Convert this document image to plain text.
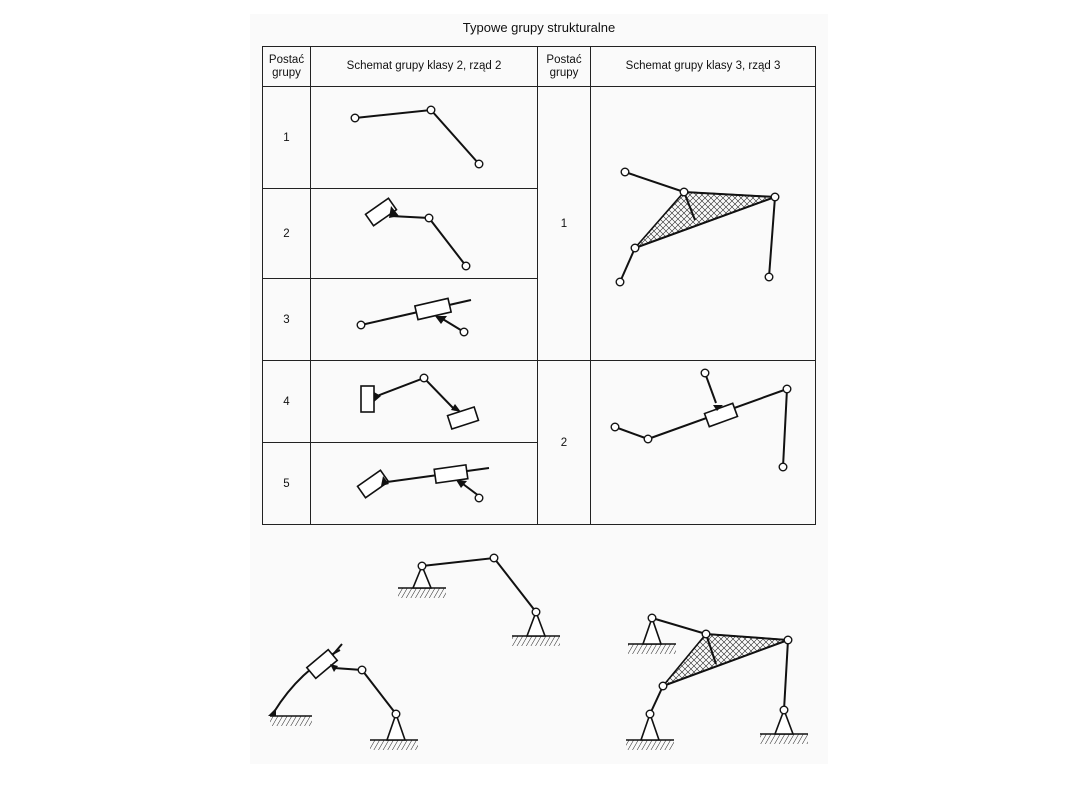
Typowe grupy strukturalne
Postać grupy	Schemat grupy klasy 2, rząd 2	Postać grupy	Schemat grupy klasy 3, rząd 3
1		1	

2	

3	

4		2	

5	
